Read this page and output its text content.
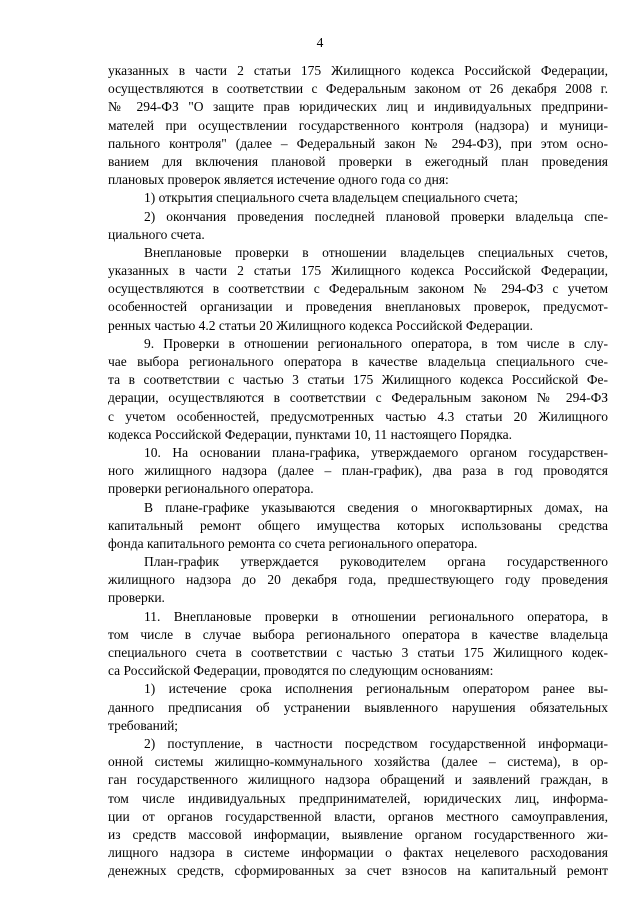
4
указанных в части 2 статьи 175 Жилищного кодекса Российской Федерации,
осуществляются в соответствии с Федеральным законом от 26 декабря 2008 г.
№ 294-ФЗ "О защите прав юридических лиц и индивидуальных предприни-
мателей при осуществлении государственного контроля (надзора) и муници-
пального контроля" (далее – Федеральный закон № 294-ФЗ), при этом осно-
ванием для включения плановой проверки в ежегодный план проведения
плановых проверок является истечение одного года со дня:
1) открытия специального счета владельцем специального счета;
2) окончания проведения последней плановой проверки владельца спе-
циального счета.
Внеплановые проверки в отношении владельцев специальных счетов,
указанных в части 2 статьи 175 Жилищного кодекса Российской Федерации,
осуществляются в соответствии с Федеральным законом № 294-ФЗ с учетом
особенностей организации и проведения внеплановых проверок, предусмот-
ренных частью 4.2 статьи 20 Жилищного кодекса Российской Федерации.
9. Проверки в отношении регионального оператора, в том числе в слу-
чае выбора регионального оператора в качестве владельца специального сче-
та в соответствии с частью 3 статьи 175 Жилищного кодекса Российской Фе-
дерации, осуществляются в соответствии с Федеральным законом № 294-ФЗ
с учетом особенностей, предусмотренных частью 4.3 статьи 20 Жилищного
кодекса Российской Федерации, пунктами 10, 11 настоящего Порядка.
10. На основании плана-графика, утверждаемого органом государствен-
ного жилищного надзора (далее – план-график), два раза в год проводятся
проверки регионального оператора.
В плане-графике указываются сведения о многоквартирных домах, на
капитальный ремонт общего имущества которых использованы средства
фонда капитального ремонта со счета регионального оператора.
План-график утверждается руководителем органа государственного
жилищного надзора до 20 декабря года, предшествующего году проведения
проверки.
11. Внеплановые проверки в отношении регионального оператора, в
том числе в случае выбора регионального оператора в качестве владельца
специального счета в соответствии с частью 3 статьи 175 Жилищного кодек-
са Российской Федерации, проводятся по следующим основаниям:
1) истечение срока исполнения региональным оператором ранее вы-
данного предписания об устранении выявленного нарушения обязательных
требований;
2) поступление, в частности посредством государственной информаци-
онной системы жилищно-коммунального хозяйства (далее – система), в ор-
ган государственного жилищного надзора обращений и заявлений граждан, в
том числе индивидуальных предпринимателей, юридических лиц, информа-
ции от органов государственной власти, органов местного самоуправления,
из средств массовой информации, выявление органом государственного жи-
лищного надзора в системе информации о фактах нецелевого расходования
денежных средств, сформированных за счет взносов на капитальный ремонт
